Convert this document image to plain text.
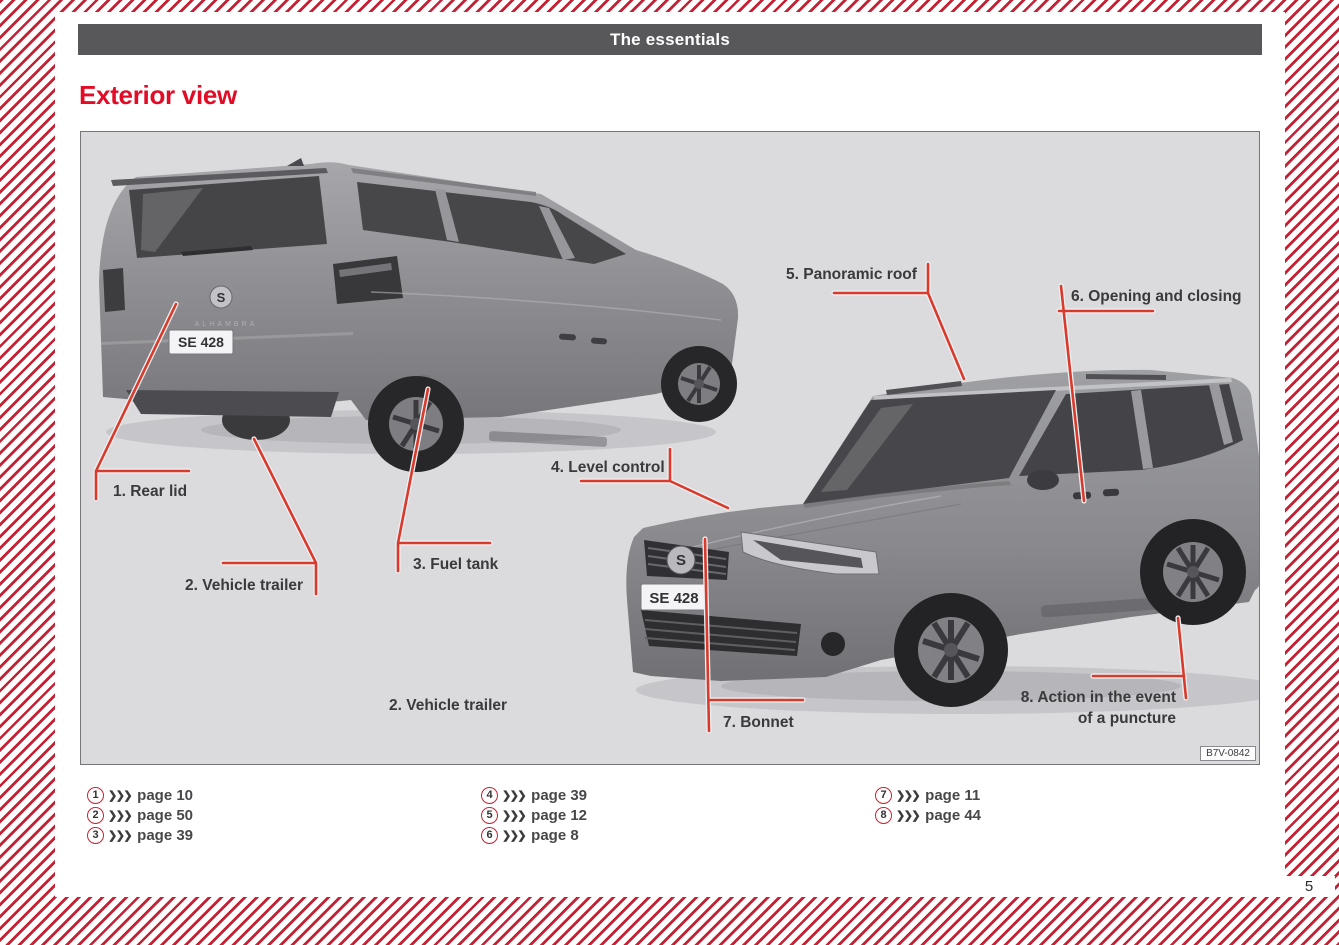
The essentials
Exterior view
S
ALHAMBRA
SE 428
S
SE 428
1. Rear lid
2. Vehicle trailer
3. Fuel tank
4. Level control
5. Panoramic roof
6. Opening and closing
7. Bonnet
2. Vehicle trailer	8. Action in the event
of a puncture
B7V-0842
1 ❯❯❯ page 10
2 ❯❯❯ page 50
3 ❯❯❯ page 39
4 ❯❯❯ page 39
5 ❯❯❯ page 12
6 ❯❯❯ page 8
7 ❯❯❯ page 11
8 ❯❯❯ page 44
5
